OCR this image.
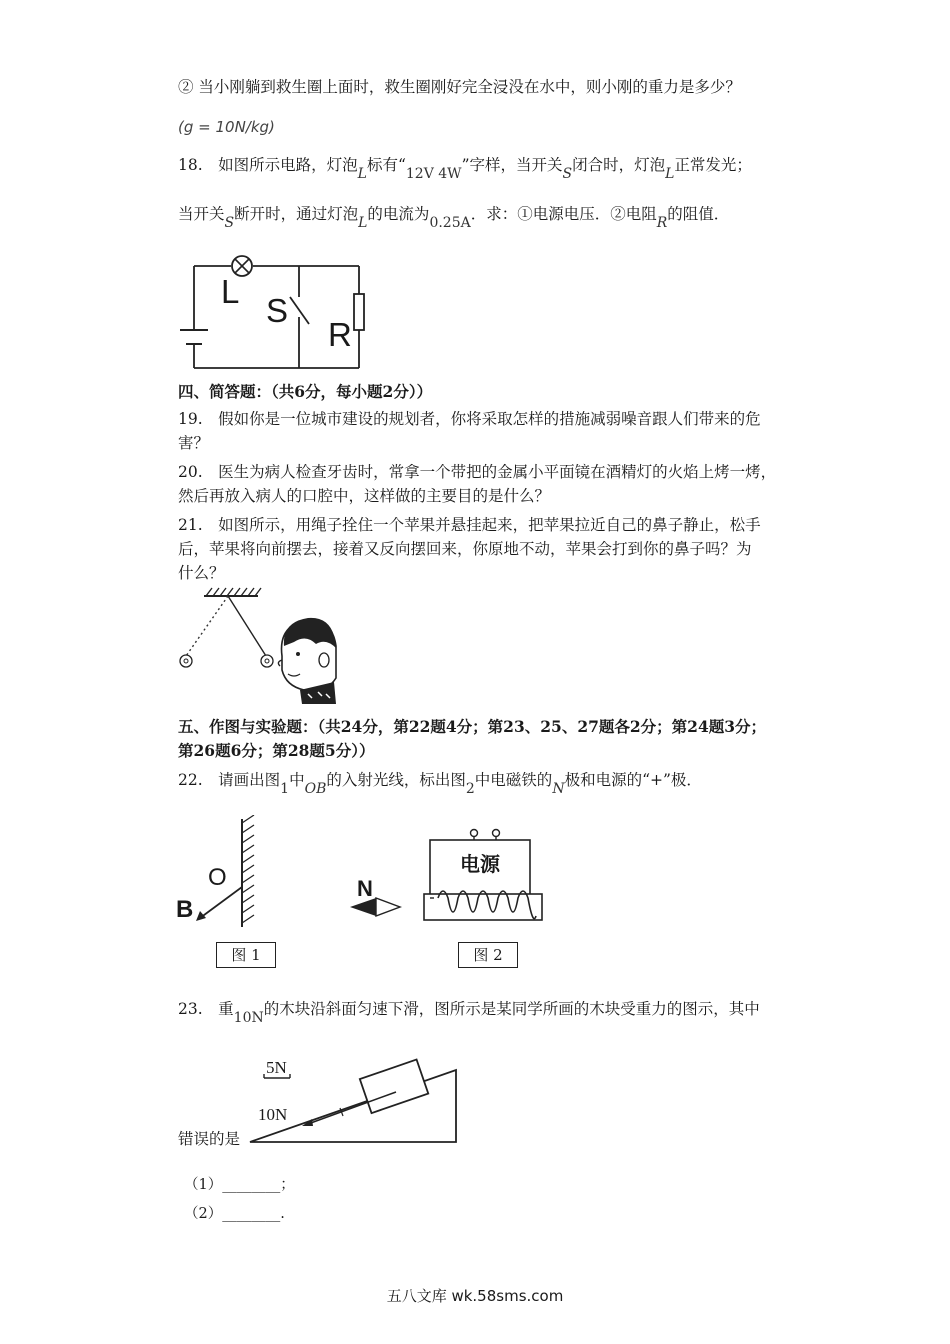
② 当小刚躺到救生圈上面时，救生圈刚好完全浸没在水中，则小刚的重力是多少？
(g = 10N/kg)
18.　如图所示电路，灯泡L标有“12V 4W”字样，当开关S闭合时，灯泡L正常发光；
当开关S断开时，通过灯泡L的电流为0.25A．求：①电源电压．②电阻R的阻值．
L
S
R
四、简答题：（共6分，每小题2分））
19.　假如你是一位城市建设的规划者，你将采取怎样的措施减弱噪音跟人们带来的危
害？
20.　医生为病人检查牙齿时，常拿一个带把的金属小平面镜在酒精灯的火焰上烤一烤，
然后再放入病人的口腔中，这样做的主要目的是什么？
21.　如图所示，用绳子拴住一个苹果并悬挂起来，把苹果拉近自己的鼻子静止，松手
后，苹果将向前摆去，接着又反向摆回来，你原地不动，苹果会打到你的鼻子吗？为
什么？
五、作图与实验题：（共24分，第22题4分；第23、25、27题各2分；第24题3分；
第26题6分；第28题5分））
22.　请画出图1中OB的入射光线，标出图2中电磁铁的N极和电源的“+”极．
O
B
图 1
N
电源
图 2
23.　重10N的木块沿斜面匀速下滑，图所示是某同学所画的木块受重力的图示，其中
5N
10N
错误的是
（1）________；
（2）________.
五八文库 wk.58sms.com
